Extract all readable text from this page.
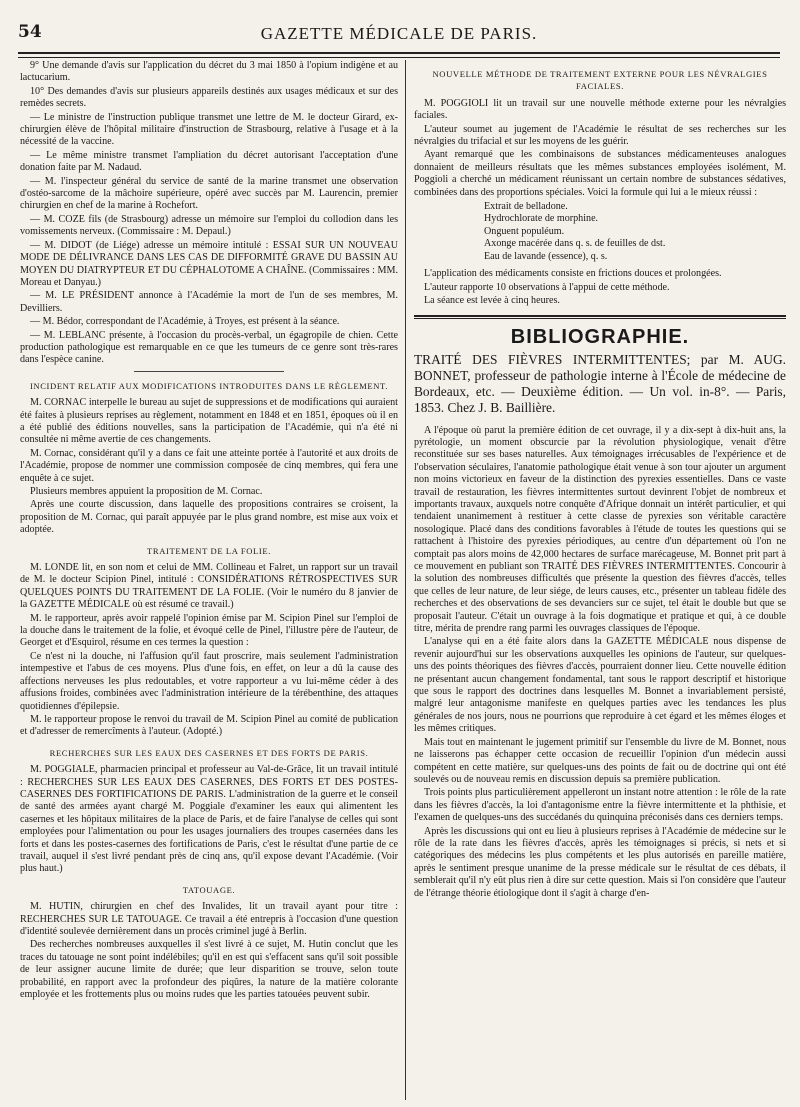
54	GAZETTE MÉDICALE DE PARIS.

9° Une demande d'avis sur l'application du décret du 3 mai 1850 à l'opium indigène et au lactucarium.

10° Des demandes d'avis sur plusieurs appareils destinés aux usages médicaux et sur des remèdes secrets.

— Le ministre de l'instruction publique transmet une lettre de M. le docteur Girard, ex-chirurgien élève de l'hôpital militaire d'instruction de Strasbourg, relative à l'usage et à la nécessité de la vaccine.

— Le même ministre transmet l'ampliation du décret autorisant l'acceptation d'une donation faite par M. Nadaud.

— M. l'inspecteur général du service de santé de la marine transmet une observation d'ostéo-sarcome de la mâchoire supérieure, opéré avec succès par M. Laurencin, premier chirurgien en chef de la marine à Rochefort.

— M. COZE fils (de Strasbourg) adresse un mémoire sur l'emploi du collodion dans les vomissements nerveux. (Commissaire : M. Depaul.)

— M. DIDOT (de Liége) adresse un mémoire intitulé : ESSAI SUR UN NOUVEAU MODE DE DÉLIVRANCE DANS LES CAS DE DIFFORMITÉ GRAVE DU BASSIN AU MOYEN DU DIATRYPTEUR ET DU CÉPHALOTOME A CHAÎNE. (Commissaires : MM. Moreau et Danyau.)

— M. LE PRÉSIDENT annonce à l'Académie la mort de l'un de ses membres, M. Devilliers.

— M. Bédor, correspondant de l'Académie, à Troyes, est présent à la séance.

— M. LEBLANC présente, à l'occasion du procès-verbal, un égagropile de chien. Cette production pathologique est remarquable en ce que les tumeurs de ce genre sont très-rares dans l'espèce canine.

INCIDENT RELATIF AUX MODIFICATIONS INTRODUITES DANS LE RÈGLEMENT.

M. CORNAC interpelle le bureau au sujet de suppressions et de modifications qui auraient été faites à plusieurs reprises au règlement, notamment en 1848 et en 1851, époques où il en a été publié des éditions nouvelles, sans la participation de l'Académie, qui n'a été ni consultée ni même avertie de ces changements.

M. Cornac, considérant qu'il y a dans ce fait une atteinte portée à l'autorité et aux droits de l'Académie, propose de nommer une commission composée de cinq membres, qui fera une enquête à ce sujet.

Plusieurs membres appuient la proposition de M. Cornac.

Après une courte discussion, dans laquelle des propositions contraires se croisent, la proposition de M. Cornac, qui paraît appuyée par le plus grand nombre, est mise aux voix et adoptée.

TRAITEMENT DE LA FOLIE.

M. LONDE lit, en son nom et celui de MM. Collineau et Falret, un rapport sur un travail de M. le docteur Scipion Pinel, intitulé : CONSIDÉRATIONS RÉTROSPECTIVES SUR QUELQUES POINTS DU TRAITEMENT DE LA FOLIE. (Voir le numéro du 8 janvier de la GAZETTE MÉDICALE où est résumé ce travail.)

M. le rapporteur, après avoir rappelé l'opinion émise par M. Scipion Pinel sur l'emploi de la douche dans le traitement de la folie, et évoqué celle de Pinel, l'illustre père de l'auteur, de Georget et d'Esquirol, résume en ces termes la question :

Ce n'est ni la douche, ni l'affusion qu'il faut proscrire, mais seulement l'administration intempestive et l'abus de ces moyens. Plus d'une fois, en effet, on leur a dû la cause des affections nerveuses les plus redoutables, et votre rapporteur a vu lui-même céder à des affusions froides, combinées avec l'administration intérieure de la térébenthine, des attaques quotidiennes d'épilepsie.

M. le rapporteur propose le renvoi du travail de M. Scipion Pinel au comité de publication et d'adresser de remercîments à l'auteur. (Adopté.)

RECHERCHES SUR LES EAUX DES CASERNES ET DES FORTS DE PARIS.

M. POGGIALE, pharmacien principal et professeur au Val-de-Grâce, lit un travail intitulé : RECHERCHES SUR LES EAUX DES CASERNES, DES FORTS ET DES POSTES-CASERNES DES FORTIFICATIONS DE PARIS. L'administration de la guerre et le conseil de santé des armées ayant chargé M. Poggiale d'examiner les eaux qui alimentent les casernes et les hôpitaux militaires de la place de Paris, et de faire l'analyse de celles qui sont employées pour l'alimentation ou pour les usages journaliers des troupes casernées dans les forts et dans les postes-casernes des fortifications de Paris, c'est le résultat d'une partie de ce travail, auquel il s'est livré pendant près de cinq ans, qu'il expose devant l'Académie. (Voir plus haut.)

TATOUAGE.

M. HUTIN, chirurgien en chef des Invalides, lit un travail ayant pour titre : RECHERCHES SUR LE TATOUAGE. Ce travail a été entrepris à l'occasion d'une question d'identité soulevée dernièrement dans un procès criminel jugé à Berlin.

Des recherches nombreuses auxquelles il s'est livré à ce sujet, M. Hutin conclut que les traces du tatouage ne sont point indélébiles; qu'il en est qui s'effacent sans qu'il soit possible de leur assigner aucune limite de durée; que leur disparition se trouve, selon toute probabilité, en rapport avec la profondeur des piqûres, la nature de la matière colorante employée et les frottements plus ou moins rudes que les parties tatouées peuvent subir.

NOUVELLE MÉTHODE DE TRAITEMENT EXTERNE POUR LES NÉVRALGIES FACIALES.

M. POGGIOLI lit un travail sur une nouvelle méthode externe pour les névralgies faciales.

L'auteur soumet au jugement de l'Académie le résultat de ses recherches sur les névralgies du trifacial et sur les moyens de les guérir.

Ayant remarqué que les combinaisons de substances médicamenteuses analogues donnaient de meilleurs résultats que les mêmes substances employées isolément, M. Poggioli a cherché un médicament réunissant un certain nombre de substances sédatives, combinées dans des proportions spéciales. Voici la formule qui lui a le mieux réussi :

Extrait de belladone.
Hydrochlorate de morphine.
Onguent populéum.
Axonge macérée dans q. s. de feuilles de dst.
Eau de lavande (essence), q. s.

L'application des médicaments consiste en frictions douces et prolongées.

L'auteur rapporte 10 observations à l'appui de cette méthode.

La séance est levée à cinq heures.

BIBLIOGRAPHIE.

TRAITÉ DES FIÈVRES INTERMITTENTES; par M. AUG. BONNET, professeur de pathologie interne à l'École de médecine de Bordeaux, etc. — Deuxième édition. — Un vol. in-8°. — Paris, 1853. Chez J. B. Baillière.

A l'époque où parut la première édition de cet ouvrage, il y a dix-sept à dix-huit ans, la pyrétologie, un moment obscurcie par la révolution physiologique, venait d'être reconstituée sur ses bases naturelles. Aux témoignages irrécusables de l'expérience et de l'observation séculaires, l'anatomie pathologique était venue à son tour ajouter un argument non moins victorieux en faveur de la distinction des pyrexies essentielles. Dans ce vaste travail de restauration, les fièvres intermittentes surtout devinrent l'objet de nombreux et importants travaux, auxquels notre conquête d'Afrique donnait un intérêt particulier, et qui tendaient unanimement à restituer à cette classe de pyrexies son véritable caractère nosologique. Placé dans des conditions favorables à l'étude de toutes les questions qui se rattachent à l'histoire des pyrexies périodiques, au centre d'un département où l'on ne comptait pas alors moins de 42,000 hectares de surface marécageuse, M. Bonnet prit part à ce mouvement en publiant son TRAITÉ DES FIÈVRES INTERMITTENTES. Concourir à la solution des nombreuses difficultés que présente la question des fièvres d'accès, telles que celles de leur nature, de leur siége, de leurs causes, etc., présenter un tableau fidèle des recherches et des observations de ses devanciers sur ce sujet, tel était le double but que se proposait l'auteur. C'était un ouvrage à la fois dogmatique et pratique et qui, à ce double titre, mérita de prendre rang parmi les ouvrages classiques de l'époque.

L'analyse qui en a été faite alors dans la GAZETTE MÉDICALE nous dispense de revenir aujourd'hui sur les observations auxquelles les opinions de l'auteur, sur quelques-uns des points théoriques des fièvres d'accès, pourraient donner lieu. Cette nouvelle édition ne présentant aucun changement fondamental, tant sous le rapport descriptif et historique que sous le rapport des doctrines dans lesquelles M. Bonnet a invariablement persisté, malgré leur antagonisme manifeste en quelques parties avec les tendances les plus générales de nos jours, nous ne pourrions que reproduire à cet égard et les mêmes éloges et les mêmes critiques.

Mais tout en maintenant le jugement primitif sur l'ensemble du livre de M. Bonnet, nous ne laisserons pas échapper cette occasion de recueillir l'opinion d'un médecin aussi compétent en cette matière, sur quelques-uns des points de fait ou de doctrine qui ont été soulevés ou de nouveau remis en discussion depuis sa première publication.

Trois points plus particulièrement appelleront un instant notre attention : le rôle de la rate dans les fièvres d'accès, la loi d'antagonisme entre la fièvre intermittente et la phthisie, et l'examen de quelques-uns des succédanés du quinquina préconisés dans ces derniers temps.

Après les discussions qui ont eu lieu à plusieurs reprises à l'Académie de médecine sur le rôle de la rate dans les fièvres d'accès, après les témoignages si précis, si nets et si catégoriques des médecins les plus compétents et les plus autorisés en pareille matière, après le sentiment presque unanime de la presse médicale sur le résultat de ces débats, il semblerait qu'il n'y eût plus rien à dire sur cette question. Mais si l'on considère que l'auteur de l'étrange théorie étiologique dont il s'agit à charge d'en-
